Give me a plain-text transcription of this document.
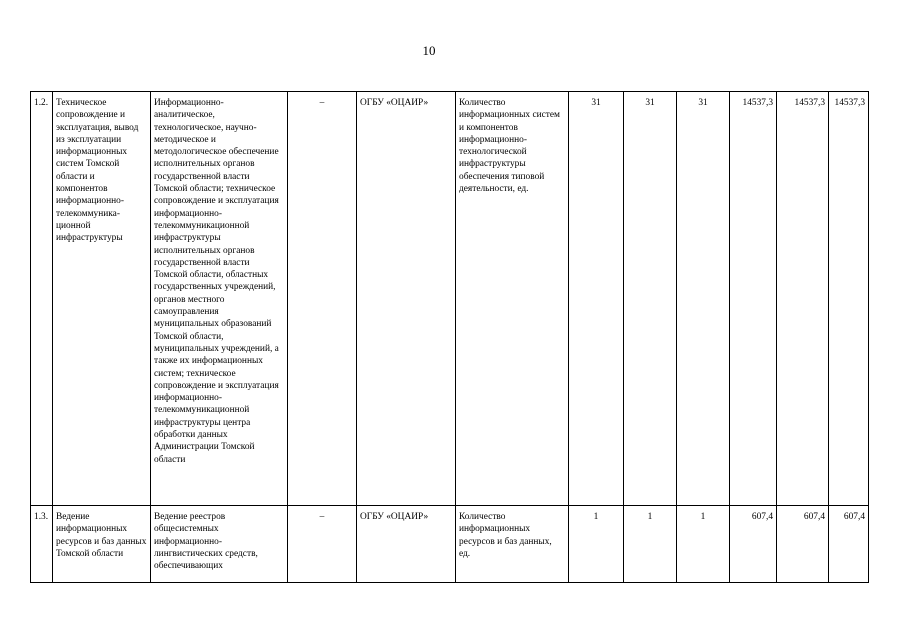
10
1.2.	Техническое сопровождение и эксплуатация, вывод из эксплуатации информационных систем Томской области и компонентов информационно-телекоммуника-ционной инфраструктуры	Информационно-аналитическое, технологическое, научно-методическое и методологическое обеспечение исполнительных органов государственной власти Томской области; техническое сопровождение и эксплуатация информационно-телекоммуникационной инфраструктуры исполнительных органов государственной власти Томской области, областных государственных учреждений, органов местного самоуправления муниципальных образований Томской области, муниципальных учреждений, а также их информационных систем; техническое сопровождение и эксплуатация информационно-телекоммуникационной инфраструктуры центра обработки данных Администрации Томской области	–	ОГБУ «ОЦАИР»	Количество информационных систем и компонентов информационно-технологической инфраструктуры обеспечения типовой деятельности, ед.	31	31	31	14537,3	14537,3	14537,3
1.3.	Ведение информационных ресурсов и баз данных Томской области	Ведение реестров общесистемных информационно-лингвистических средств, обеспечивающих	–	ОГБУ «ОЦАИР»	Количество информационных ресурсов и баз данных, ед.	1	1	1	607,4	607,4	607,4
